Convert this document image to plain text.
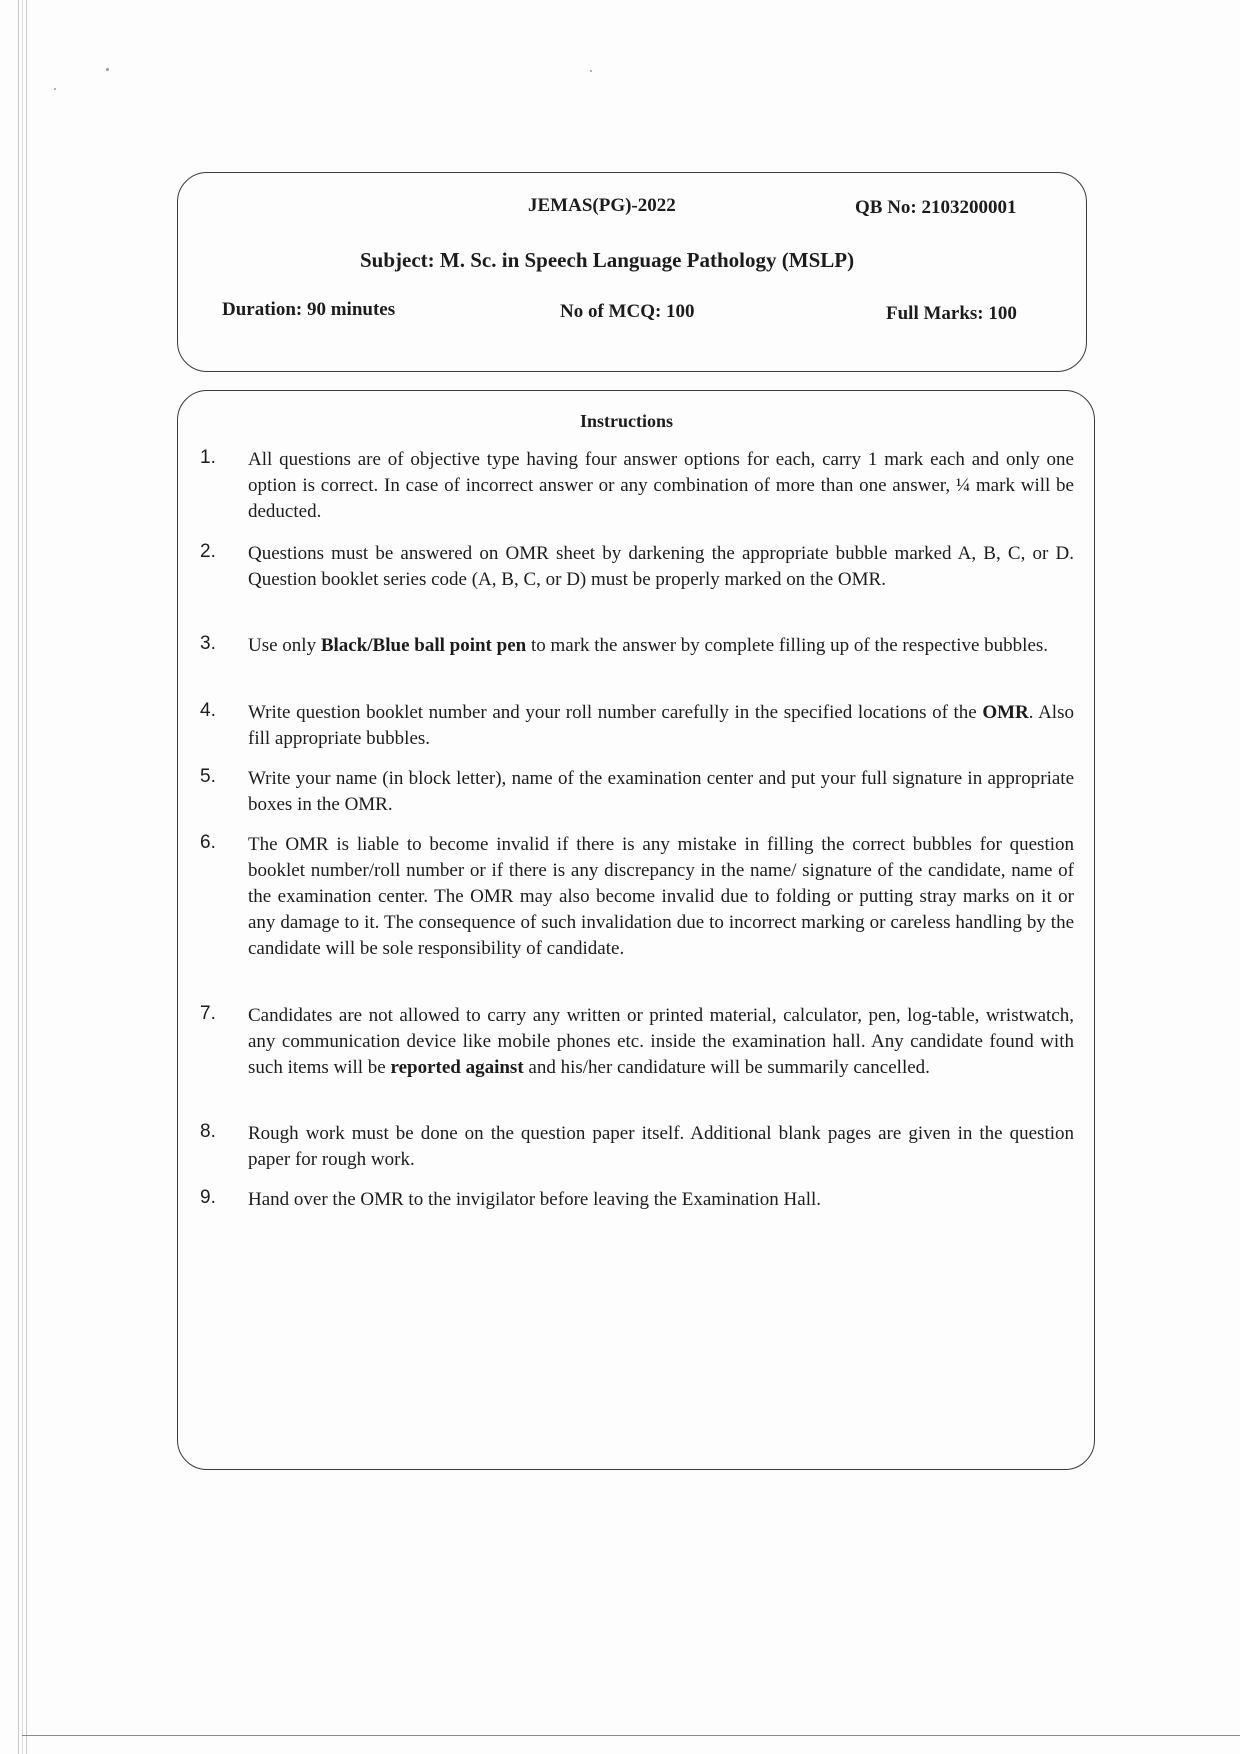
JEMAS(PG)-2022	QB No: 2103200001
Subject: M. Sc. in Speech Language Pathology (MSLP)
Duration: 90 minutes	No of MCQ: 100	Full Marks: 100
Instructions
1. All questions are of objective type having four answer options for each, carry 1 mark each and only one option is correct. In case of incorrect answer or any combination of more than one answer, ¼ mark will be deducted.
2. Questions must be answered on OMR sheet by darkening the appropriate bubble marked A, B, C, or D. Question booklet series code (A, B, C, or D) must be properly marked on the OMR.
3. Use only Black/Blue ball point pen to mark the answer by complete filling up of the respective bubbles.
4. Write question booklet number and your roll number carefully in the specified locations of the OMR. Also fill appropriate bubbles.
5. Write your name (in block letter), name of the examination center and put your full signature in appropriate boxes in the OMR.
6. The OMR is liable to become invalid if there is any mistake in filling the correct bubbles for question booklet number/roll number or if there is any discrepancy in the name/ signature of the candidate, name of the examination center. The OMR may also become invalid due to folding or putting stray marks on it or any damage to it. The consequence of such invalidation due to incorrect marking or careless handling by the candidate will be sole responsibility of candidate.
7. Candidates are not allowed to carry any written or printed material, calculator, pen, log-table, wristwatch, any communication device like mobile phones etc. inside the examination hall. Any candidate found with such items will be reported against and his/her candidature will be summarily cancelled.
8. Rough work must be done on the question paper itself. Additional blank pages are given in the question paper for rough work.
9. Hand over the OMR to the invigilator before leaving the Examination Hall.
